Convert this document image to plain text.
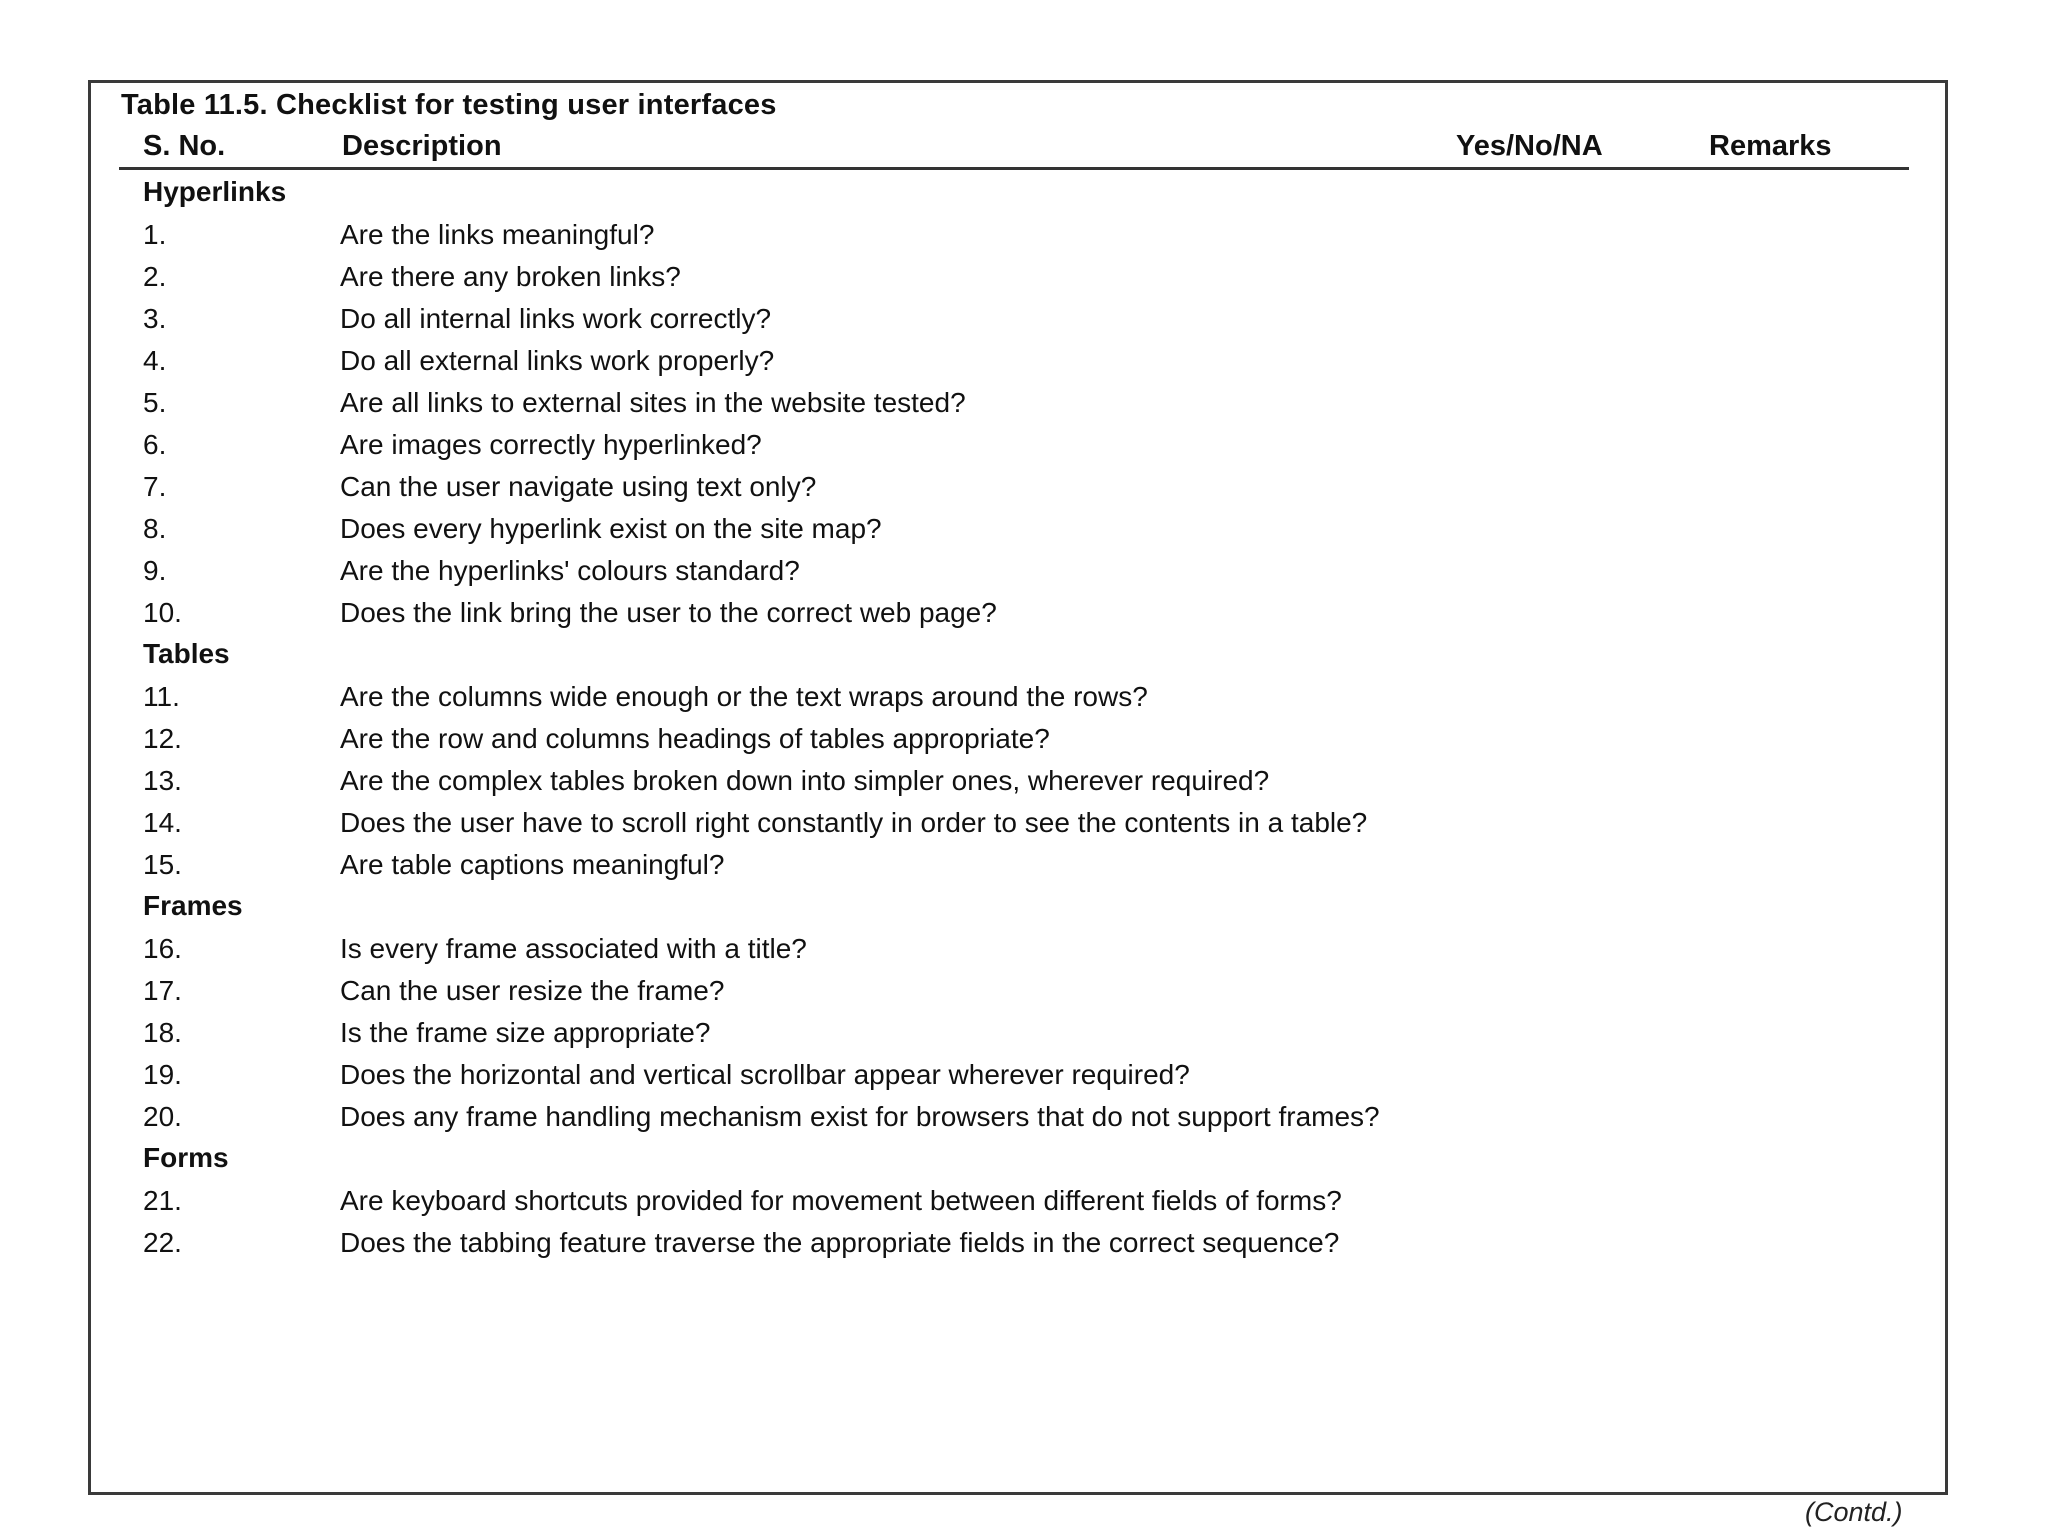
Table 11.5. Checklist for testing user interfaces
S. No.	Description	Yes/No/NA	Remarks
Hyperlinks
1.	Are the links meaningful?
2.	Are there any broken links?
3.	Do all internal links work correctly?
4.	Do all external links work properly?
5.	Are all links to external sites in the website tested?
6.	Are images correctly hyperlinked?
7.	Can the user navigate using text only?
8.	Does every hyperlink exist on the site map?
9.	Are the hyperlinks' colours standard?
10.	Does the link bring the user to the correct web page?
Tables
11.	Are the columns wide enough or the text wraps around the rows?
12.	Are the row and columns headings of tables appropriate?
13.	Are the complex tables broken down into simpler ones, wherever required?
14.	Does the user have to scroll right constantly in order to see the contents in a table?
15.	Are table captions meaningful?
Frames
16.	Is every frame associated with a title?
17.	Can the user resize the frame?
18.	Is the frame size appropriate?
19.	Does the horizontal and vertical scrollbar appear wherever required?
20.	Does any frame handling mechanism exist for browsers that do not support frames?
Forms
21.	Are keyboard shortcuts provided for movement between different fields of forms?
22.	Does the tabbing feature traverse the appropriate fields in the correct sequence?
(Contd.)
